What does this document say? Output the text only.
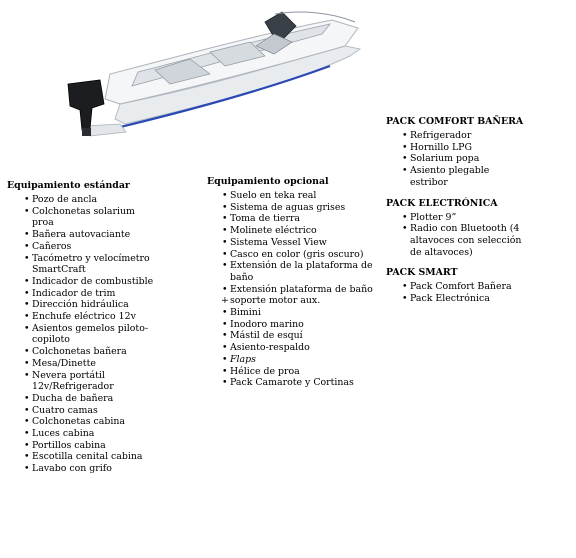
Equipamiento estándar
• Pozo de ancla
• Colchonetas solarium proa
• Bañera autovaciante
• Cañeros
• Tacómetro y velocímetro SmartCraft
• Indicador de combustible
• Indicador de trim
• Dirección hidráulica
• Enchufe eléctrico 12v
• Asientos gemelos piloto-copiloto
• Colchonetas bañera
• Mesa/Dinette
• Nevera portátil 12v/Refrigerador
• Ducha de bañera
• Cuatro camas
• Colchonetas cabina
• Luces cabina
• Portillos cabina
• Escotilla cenital cabina
• Lavabo con grifo
Equipamiento opcional
• Suelo en teka real
• Sistema de aguas grises
• Toma de tierra
• Molinete eléctrico
• Sistema Vessel View
• Casco en color (gris oscuro)
• Extensión de la plataforma de baño
• Extensión plataforma de baño
+ soporte motor aux.
• Bimini
• Inodoro marino
• Mástil de esquí
• Asiento-respaldo
• Flaps
• Hélice de proa
• Pack Camarote y Cortinas
PACK COMFORT BAÑERA
• Refrigerador
• Hornillo LPG
• Solarium popa
• Asiento plegable estribor
PACK ELECTRÓNICA
• Plotter 9”
• Radio con Bluetooth (4 altavoces con selección de altavoces)
PACK SMART
• Pack Comfort Bañera
• Pack Electrónica
